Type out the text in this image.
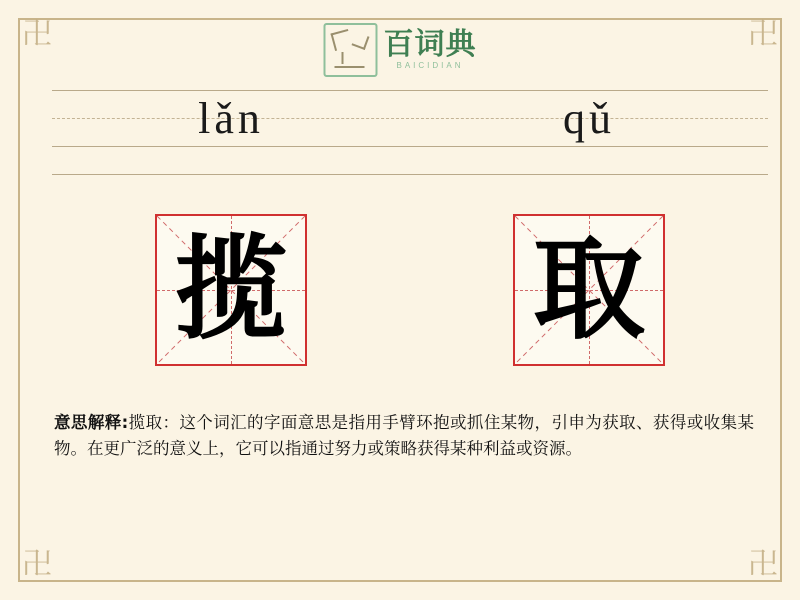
卍	卍
卍	卍
百词典
BAICIDIAN
lǎn	qǔ
揽 取
意思解释:揽取：这个词汇的字面意思是指用手臂环抱或抓住某物，引申为获取、获得或收集某物。在更广泛的意义上，它可以指通过努力或策略获得某种利益或资源。
